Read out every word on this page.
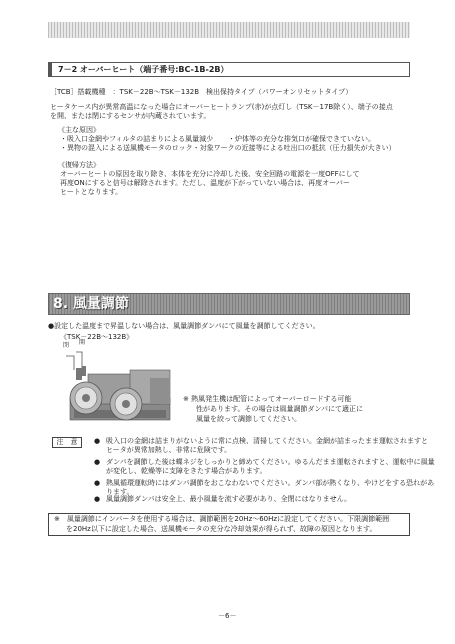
7－2 オーバーヒート（端子番号:BC-1B-2B）
［TCB］搭載機種　：TSK－22B～TSK－132B　検出保持タイプ（パワーオンリセットタイプ）
ヒータケース内が異常高温になった場合にオーバーヒートランプ(赤)が点灯し（TSK－17B除く）、端子の接点
を開、または閉にするセンサが内蔵されています。
《主な原因》
・吸入口金網やフィルタの詰まりによる風量減少 ・炉体等の充分な排気口が確保できていない。
・異物の混入による送風機モータのロック・対象ワークの近接等による吐出口の抵抗（圧力損失が大きい）
《復帰方法》
オーバーヒートの原因を取り除き、本体を充分に冷却した後、安全回路の電源を一度OFFにして
再度ONにすると信号は解除されます。ただし、温度が下がっていない場合は、再度オーバー
ヒートとなります。
8. 風量調節
●設定した温度まで昇温しない場合は、風量調節ダンパにて風量を調節してください。
《TSK－22B～132B》
閉 開
※ 熱風発生機は配管によってオーバーロードする可能
性があります。その場合は風量調節ダンパにて適正に
風量を絞って調節してください。
注　意	● 吸入口の金網は詰まりがないように常に点検、清掃してください。金網が詰まったまま運転されますと
ヒータが異常加熱し、非常に危険です。
● ダンパを調節した後は蝶ネジをしっかりと締めてください。ゆるんだまま運転されますと、運転中に風量
が変化し、乾燥等に支障をきたす場合があります。
● 熱風循環運転時にはダンパ調節をおこなわないでください。ダンパ部が熱くなり、やけどをする恐れがあ
ります。
● 風量調節ダンパは安全上、最小風量を流す必要があり、全閉にはなりません。
※　風量調節にインバータを使用する場合は、調節範囲を20Hz～60Hzに設定してください。下限調節範囲
を20Hz以下に設定した場合、送風機モータの充分な冷却効果が得られず、故障の原因となります。
－6－
